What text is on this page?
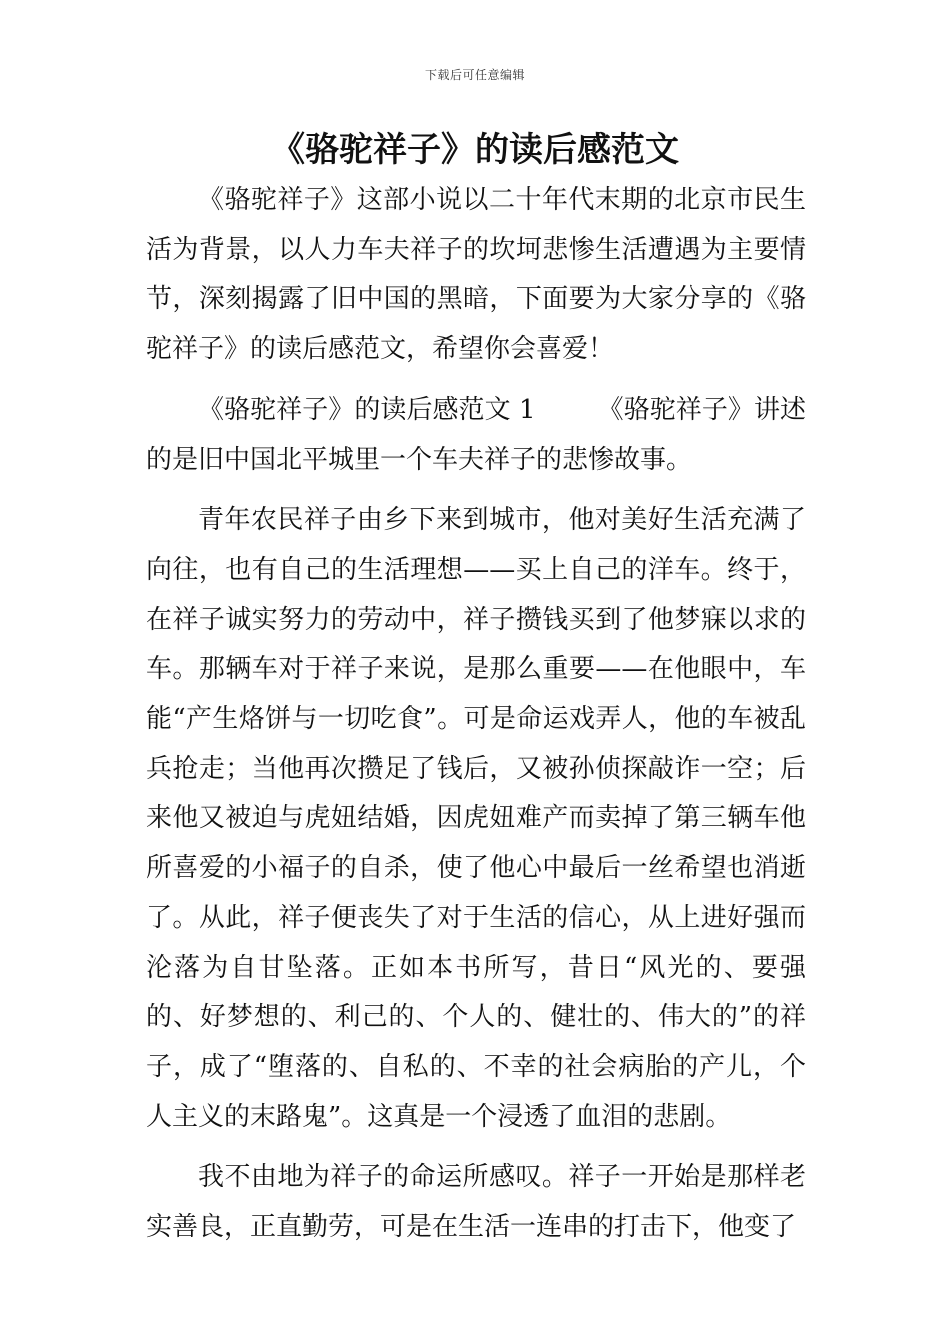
下载后可任意编辑
《骆驼祥子》的读后感范文

《骆驼祥子》这部小说以二十年代末期的北京市民生活为背景，以人力车夫祥子的坎坷悲惨生活遭遇为主要情节，深刻揭露了旧中国的黑暗，下面要为大家分享的《骆驼祥子》的读后感范文，希望你会喜爱！

《骆驼祥子》的读后感范文 1 《骆驼祥子》讲述的是旧中国北平城里一个车夫祥子的悲惨故事。

青年农民祥子由乡下来到城市，他对美好生活充满了向往，也有自己的生活理想——买上自己的洋车。终于，在祥子诚实努力的劳动中，祥子攒钱买到了他梦寐以求的车。那辆车对于祥子来说，是那么重要——在他眼中，车能“产生烙饼与一切吃食”。可是命运戏弄人，他的车被乱兵抢走；当他再次攒足了钱后，又被孙侦探敲诈一空；后来他又被迫与虎妞结婚，因虎妞难产而卖掉了第三辆车他所喜爱的小福子的自杀，使了他心中最后一丝希望也消逝了。从此，祥子便丧失了对于生活的信心，从上进好强而沦落为自甘坠落。正如本书所写，昔日“风光的、要强的、好梦想的、利己的、个人的、健壮的、伟大的”的祥子，成了“堕落的、自私的、不幸的社会病胎的产儿，个人主义的末路鬼”。这真是一个浸透了血泪的悲剧。

我不由地为祥子的命运所感叹。祥子一开始是那样老实善良，正直勤劳，可是在生活一连串的打击下，他变了
